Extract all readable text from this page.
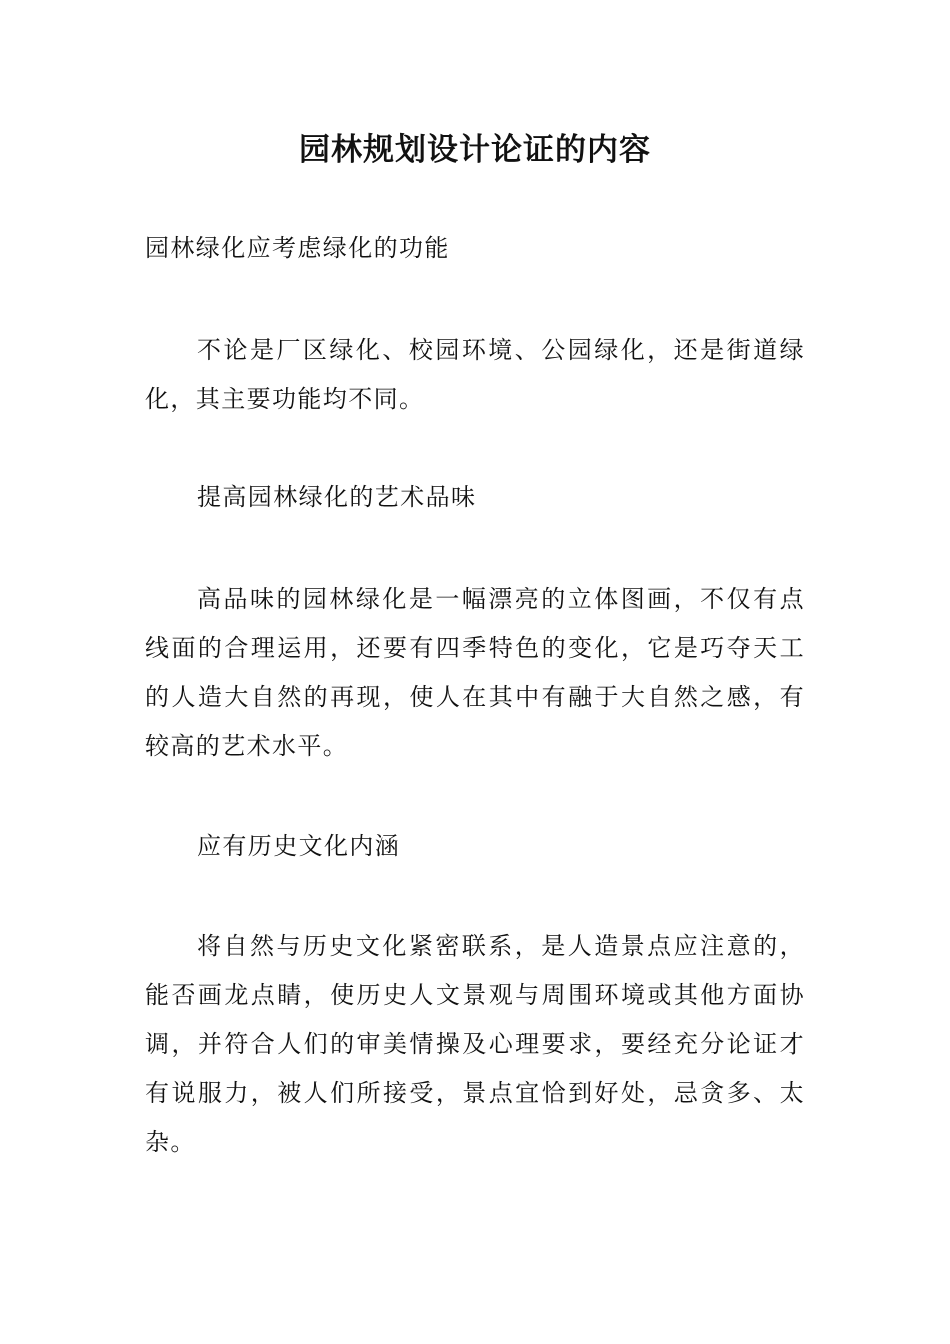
园林规划设计论证的内容
园林绿化应考虑绿化的功能
不论是厂区绿化、校园环境、公园绿化，还是街道绿化，其主要功能均不同。
提高园林绿化的艺术品味
高品味的园林绿化是一幅漂亮的立体图画，不仅有点线面的合理运用，还要有四季特色的变化，它是巧夺天工的人造大自然的再现，使人在其中有融于大自然之感，有较高的艺术水平。
应有历史文化内涵
将自然与历史文化紧密联系，是人造景点应注意的，能否画龙点睛，使历史人文景观与周围环境或其他方面协调，并符合人们的审美情操及心理要求，要经充分论证才有说服力，被人们所接受，景点宜恰到好处，忌贪多、太杂。
